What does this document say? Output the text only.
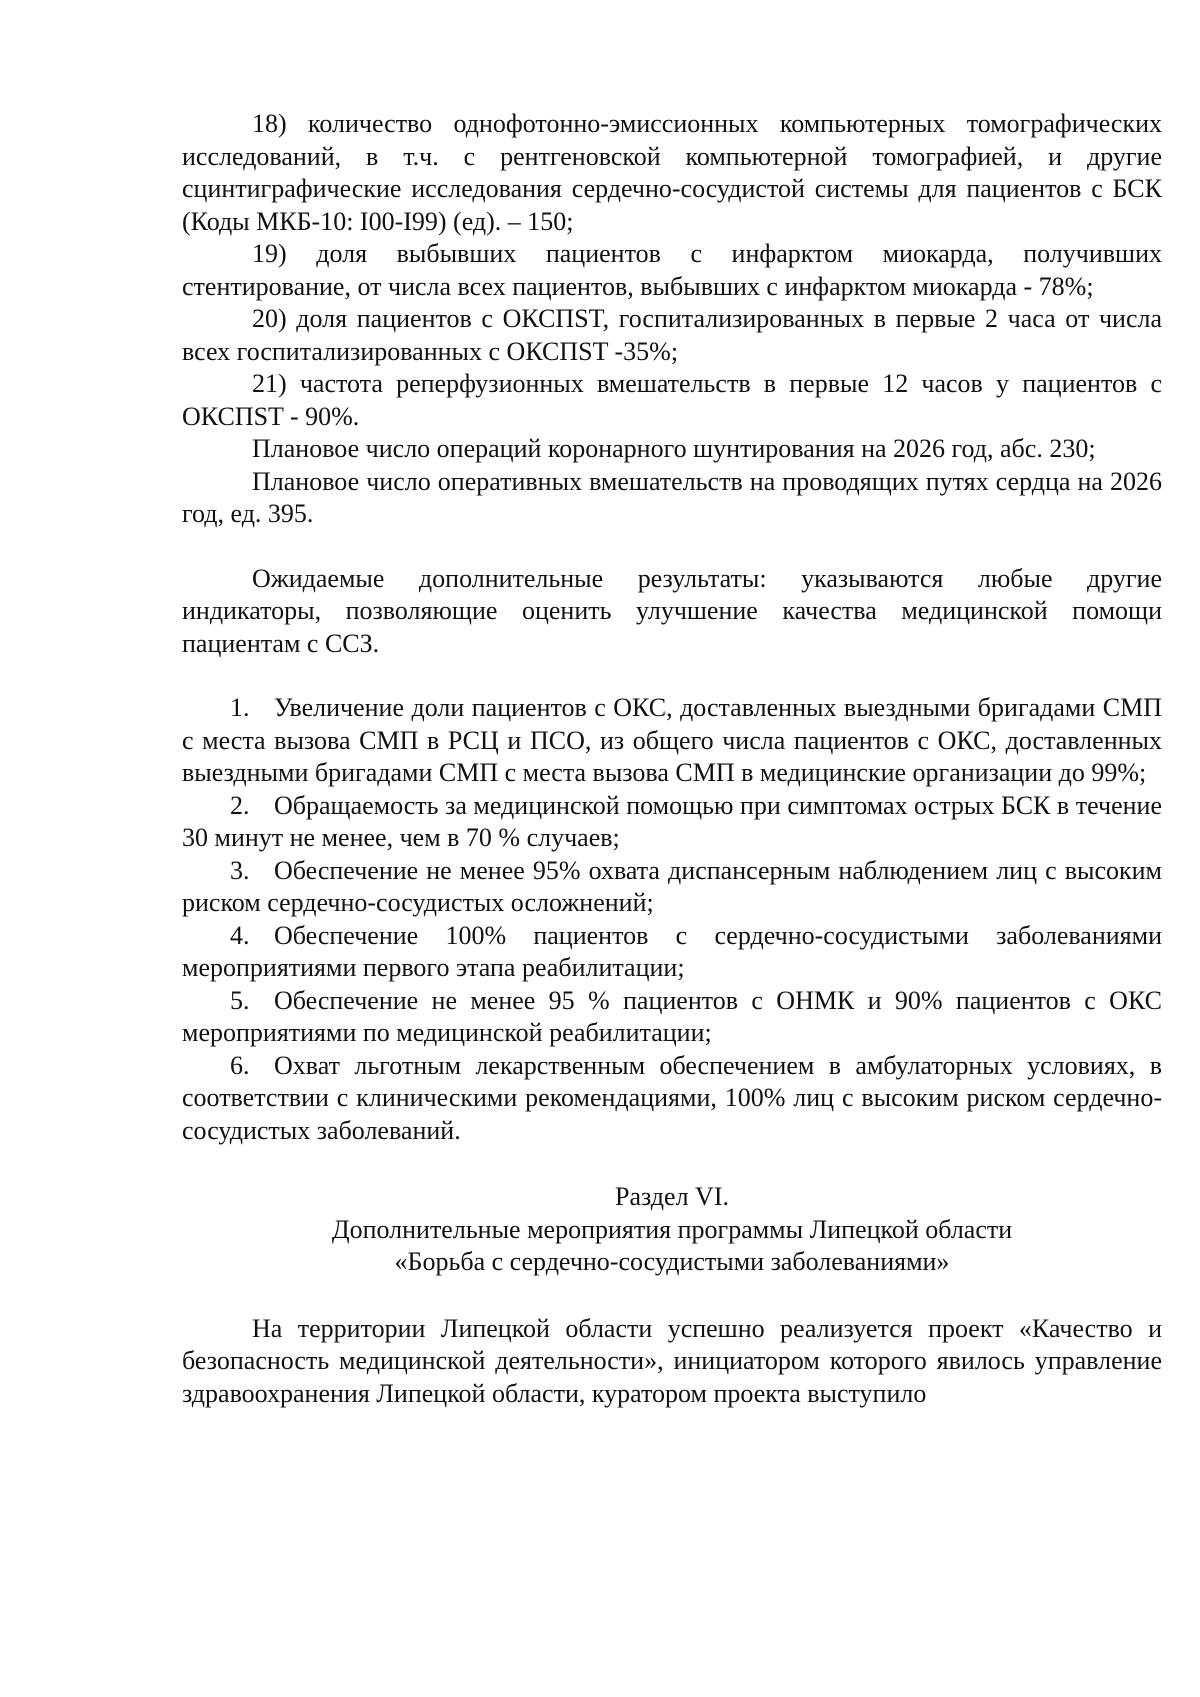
18) количество однофотонно-эмиссионных компьютерных томографических исследований, в т.ч. с рентгеновской компьютерной томографией, и другие сцинтиграфические исследования сердечно-сосудистой системы для пациентов с БСК (Коды МКБ-10: I00-I99) (ед). – 150;

19) доля выбывших пациентов с инфарктом миокарда, получивших стентирование, от числа всех пациентов, выбывших с инфарктом миокарда - 78%;

20) доля пациентов с ОКСПST, госпитализированных в первые 2 часа от числа всех госпитализированных с ОКСПST -35%;

21) частота реперфузионных вмешательств в первые 12 часов у пациентов с ОКСПST - 90%.

Плановое число операций коронарного шунтирования на 2026 год, абс. 230;

Плановое число оперативных вмешательств на проводящих путях сердца на 2026 год, ед. 395.

Ожидаемые дополнительные результаты: указываются любые другие индикаторы, позволяющие оценить улучшение качества медицинской помощи пациентам с ССЗ.

1. Увеличение доли пациентов с ОКС, доставленных выездными бригадами СМП с места вызова СМП в РСЦ и ПСО, из общего числа пациентов с ОКС, доставленных выездными бригадами СМП с места вызова СМП в медицинские организации до 99%;
2. Обращаемость за медицинской помощью при симптомах острых БСК в течение 30 минут не менее, чем в 70 % случаев;
3. Обеспечение не менее 95% охвата диспансерным наблюдением лиц с высоким риском сердечно-сосудистых осложнений;
4. Обеспечение 100% пациентов с сердечно-сосудистыми заболеваниями мероприятиями первого этапа реабилитации;
5. Обеспечение не менее 95 % пациентов с ОНМК и 90% пациентов с ОКС мероприятиями по медицинской реабилитации;
6. Охват льготным лекарственным обеспечением в амбулаторных условиях, в соответствии с клиническими рекомендациями, 100% лиц с высоким риском сердечно-сосудистых заболеваний.

Раздел VI.

Дополнительные мероприятия программы Липецкой области

«Борьба с сердечно-сосудистыми заболеваниями»

На территории Липецкой области успешно реализуется проект «Качество и безопасность медицинской деятельности», инициатором которого явилось управление здравоохранения Липецкой области, куратором проекта выступило
